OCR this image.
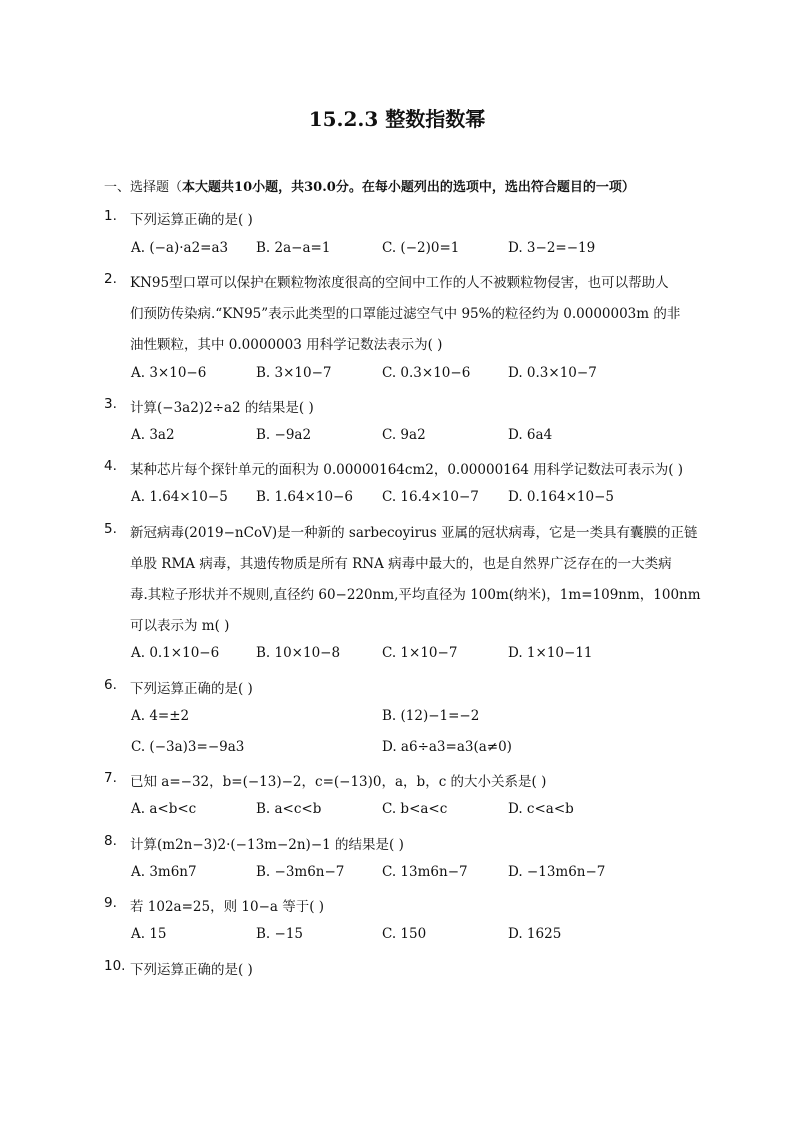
15.2.3 整数指数幂
一、选择题（本大题共10小题，共30.0分。在每小题列出的选项中，选出符合题目的一项）
1. 下列运算正确的是( )
A. (−a)·a2=a3 B. 2a−a=1	C. (−2)0=1	D. 3−2=−19
2. KN95型口罩可以保护在颗粒物浓度很高的空间中工作的人不被颗粒物侵害，也可以帮助人
们预防传染病.“KN95”表示此类型的口罩能过滤空气中 95%的粒径约为 0.0000003m 的非
油性颗粒，其中 0.0000003 用科学记数法表示为( )
A. 3×10−6	B. 3×10−7	C. 0.3×10−6	D. 0.3×10−7
3. 计算(−3a2)2÷a2 的结果是( )
A. 3a2	B. −9a2	C. 9a2	D. 6a4
4. 某种芯片每个探针单元的面积为 0.00000164cm2，0.00000164 用科学记数法可表示为( )
A. 1.64×10−5 B. 1.64×10−6 C. 16.4×10−7 D. 0.164×10−5
5. 新冠病毒(2019−nCoV)是一种新的 sarbecoyirus 亚属的冠状病毒，它是一类具有囊膜的正链
单股 RMA 病毒，其遗传物质是所有 RNA 病毒中最大的，也是自然界广泛存在的一大类病
毒.其粒子形状并不规则,直径约 60−220nm,平均直径为 100m(纳米)，1m=109nm，100nm
可以表示为 m( )
A. 0.1×10−6	B. 10×10−8	C. 1×10−7	D. 1×10−11
6. 下列运算正确的是( )
A. 4=±2	B. (12)−1=−2
C. (−3a)3=−9a3	D. a6÷a3=a3(a≠0)
7. 已知 a=−32，b=(−13)−2，c=(−13)0，a，b，c 的大小关系是( )
A. a<b<c	B. a<c<b	C. b<a<c	D. c<a<b
8. 计算(m2n−3)2·(−13m−2n)−1 的结果是( )
A. 3m6n7	B. −3m6n−7	C. 13m6n−7	D. −13m6n−7
9. 若 102a=25，则 10−a 等于( )
A. 15	B. −15	C. 150	D. 1625
10. 下列运算正确的是( )
